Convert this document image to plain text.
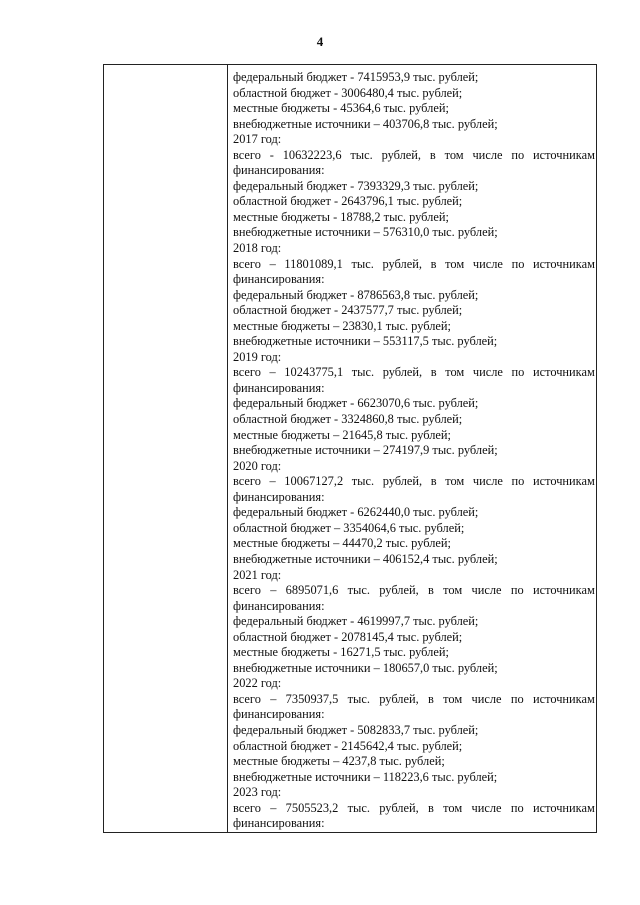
4
федеральный бюджет - 7415953,9 тыс. рублей;
областной бюджет - 3006480,4 тыс. рублей;
местные бюджеты - 45364,6 тыс. рублей;
внебюджетные источники – 403706,8 тыс. рублей;
2017 год:
всего - 10632223,6 тыс. рублей, в том числе по источникам
финансирования:
федеральный бюджет - 7393329,3 тыс. рублей;
областной бюджет - 2643796,1 тыс. рублей;
местные бюджеты - 18788,2 тыс. рублей;
внебюджетные источники – 576310,0 тыс. рублей;
2018 год:
всего – 11801089,1 тыс. рублей, в том числе по источникам
финансирования:
федеральный бюджет - 8786563,8 тыс. рублей;
областной бюджет - 2437577,7 тыс. рублей;
местные бюджеты – 23830,1 тыс. рублей;
внебюджетные источники – 553117,5 тыс. рублей;
2019 год:
всего – 10243775,1 тыс. рублей, в том числе по источникам
финансирования:
федеральный бюджет - 6623070,6 тыс. рублей;
областной бюджет - 3324860,8 тыс. рублей;
местные бюджеты – 21645,8 тыс. рублей;
внебюджетные источники – 274197,9 тыс. рублей;
2020 год:
всего – 10067127,2 тыс. рублей, в том числе по источникам
финансирования:
федеральный бюджет - 6262440,0 тыс. рублей;
областной бюджет – 3354064,6 тыс. рублей;
местные бюджеты – 44470,2 тыс. рублей;
внебюджетные источники – 406152,4 тыс. рублей;
2021 год:
всего – 6895071,6 тыс. рублей, в том числе по источникам
финансирования:
федеральный бюджет - 4619997,7 тыс. рублей;
областной бюджет - 2078145,4 тыс. рублей;
местные бюджеты - 16271,5 тыс. рублей;
внебюджетные источники – 180657,0 тыс. рублей;
2022 год:
всего – 7350937,5 тыс. рублей, в том числе по источникам
финансирования:
федеральный бюджет - 5082833,7 тыс. рублей;
областной бюджет - 2145642,4 тыс. рублей;
местные бюджеты – 4237,8 тыс. рублей;
внебюджетные источники – 118223,6 тыс. рублей;
2023 год:
всего – 7505523,2 тыс. рублей, в том числе по источникам
финансирования:
